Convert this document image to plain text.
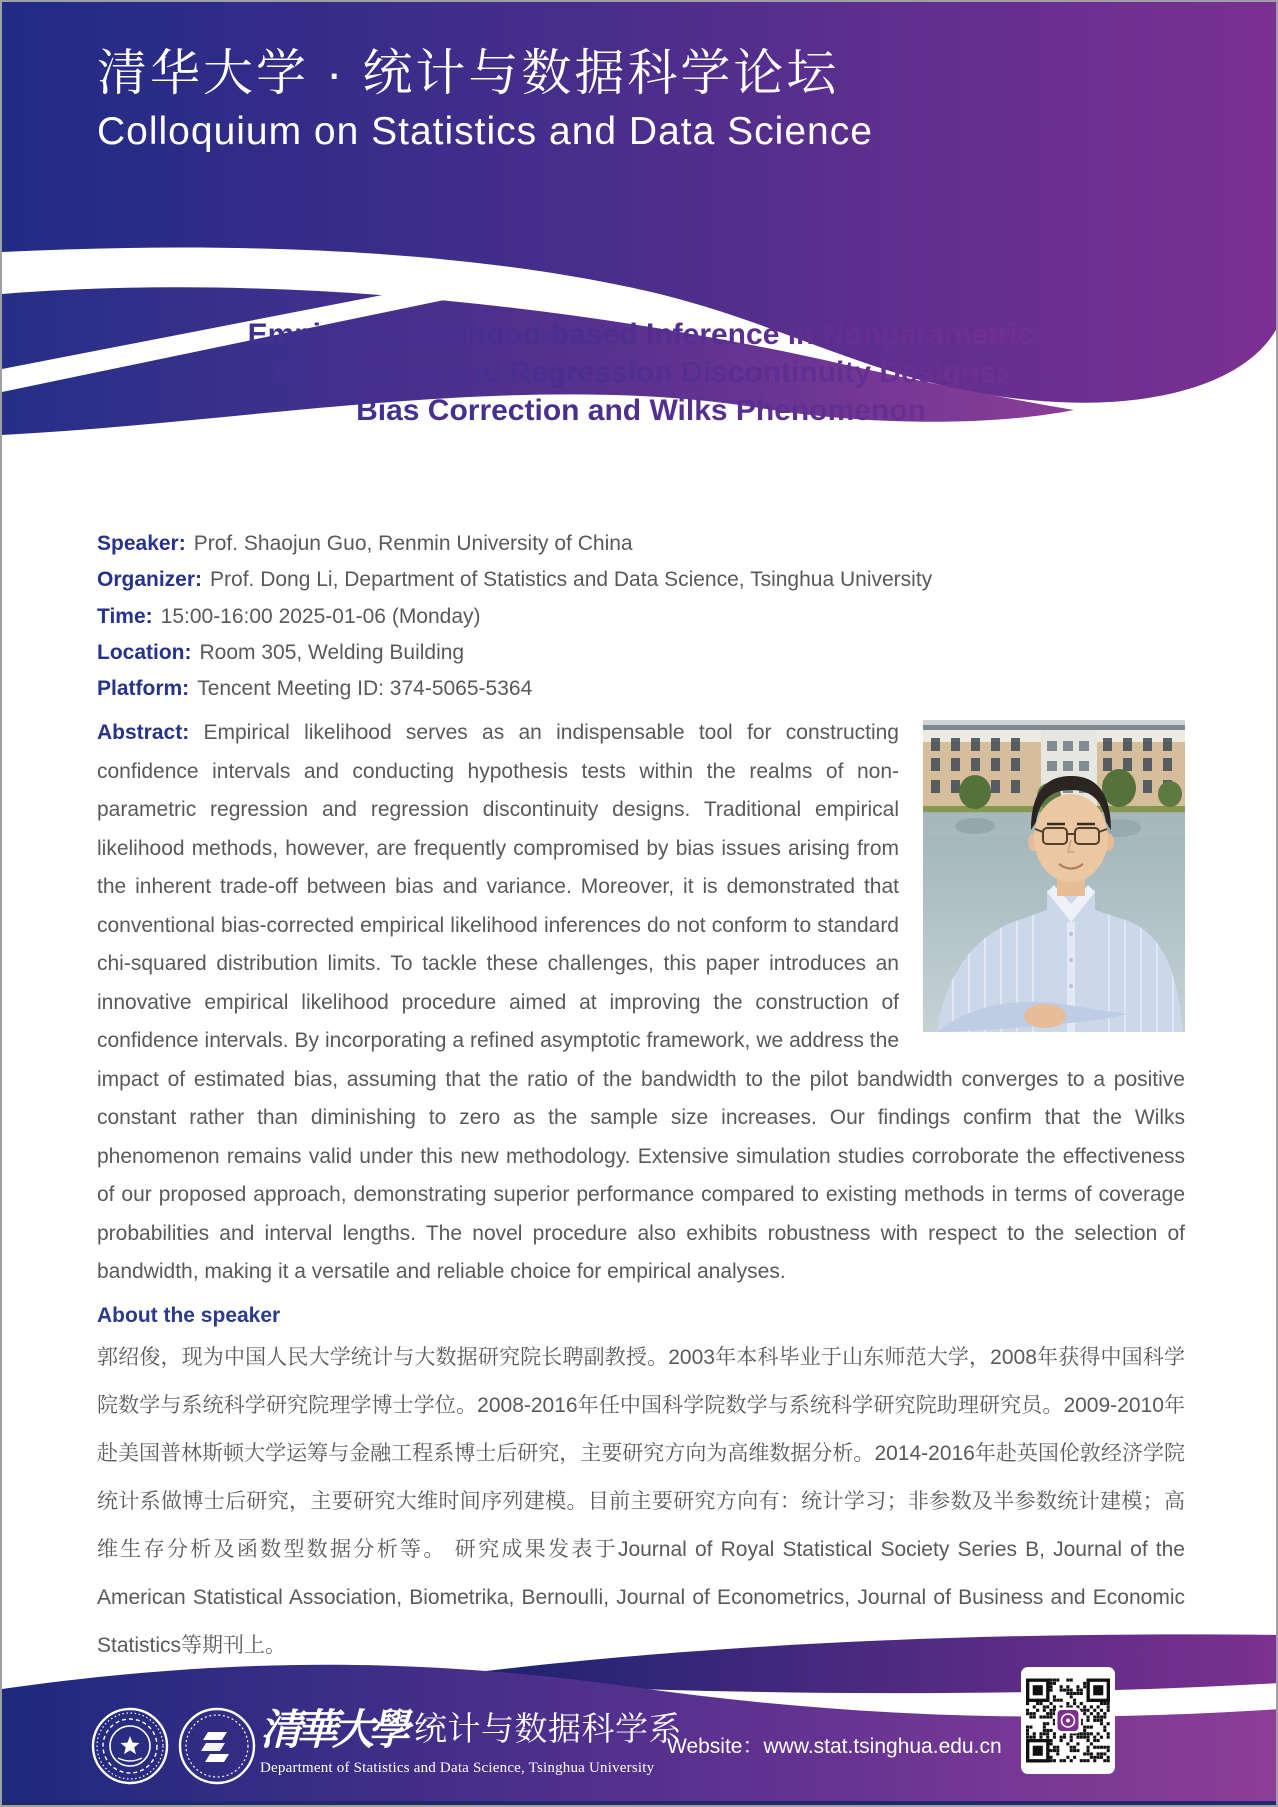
清华大学 · 统计与数据科学论坛
Colloquium on Statistics and Data Science
Empirical Likelihood-based Inference in Nonparametric
Regression and Regression Discontinuity Designs:
Bias Correction and Wilks Phenomenon
Speaker: Prof. Shaojun Guo, Renmin University of China
Organizer: Prof. Dong Li, Department of Statistics and Data Science, Tsinghua University
Time: 15:00-16:00 2025-01-06 (Monday)
Location: Room 305, Welding Building
Platform: Tencent Meeting ID: 374-5065-5364

Abstract: Empirical likelihood serves as an indispensable tool for constructing confidence intervals and conducting hypothesis tests within the realms of non-parametric regression and regression discontinuity designs. Traditional empirical likelihood methods, however, are frequently compromised by bias issues arising from the inherent trade-off between bias and variance. Moreover, it is demonstrated that conventional bias-corrected empirical likelihood inferences do not conform to standard chi-squared distribution limits. To tackle these challenges, this paper introduces an innovative empirical likelihood procedure aimed at improving the construction of confidence intervals. By incorporating a refined asymptotic framework, we address the impact of estimated bias, assuming that the ratio of the bandwidth to the pilot bandwidth converges to a positive constant rather than diminishing to zero as the sample size increases. Our findings confirm that the Wilks phenomenon remains valid under this new methodology. Extensive simulation studies corroborate the effectiveness of our proposed approach, demonstrating superior performance compared to existing methods in terms of coverage probabilities and interval lengths. The novel procedure also exhibits robustness with respect to the selection of bandwidth, making it a versatile and reliable choice for empirical analyses.

About the speaker

郭绍俊，现为中国人民大学统计与大数据研究院长聘副教授。2003年本科毕业于山东师范大学，2008年获得中国科学院数学与系统科学研究院理学博士学位。2008-2016年任中国科学院数学与系统科学研究院助理研究员。2009-2010年赴美国普林斯顿大学运筹与金融工程系博士后研究，主要研究方向为高维数据分析。2014-2016年赴英国伦敦经济学院统计系做博士后研究，主要研究大维时间序列建模。目前主要研究方向有：统计学习；非参数及半参数统计建模；高维生存分析及函数型数据分析等。 研究成果发表于Journal of Royal Statistical Society Series B, Journal of the American Statistical Association, Biometrika, Bernoulli, Journal of Econometrics, Journal of Business and Economic Statistics等期刊上。

清華大學 统计与数据科学系
Department of Statistics and Data Science, Tsinghua University
Website：www.stat.tsinghua.edu.cn
